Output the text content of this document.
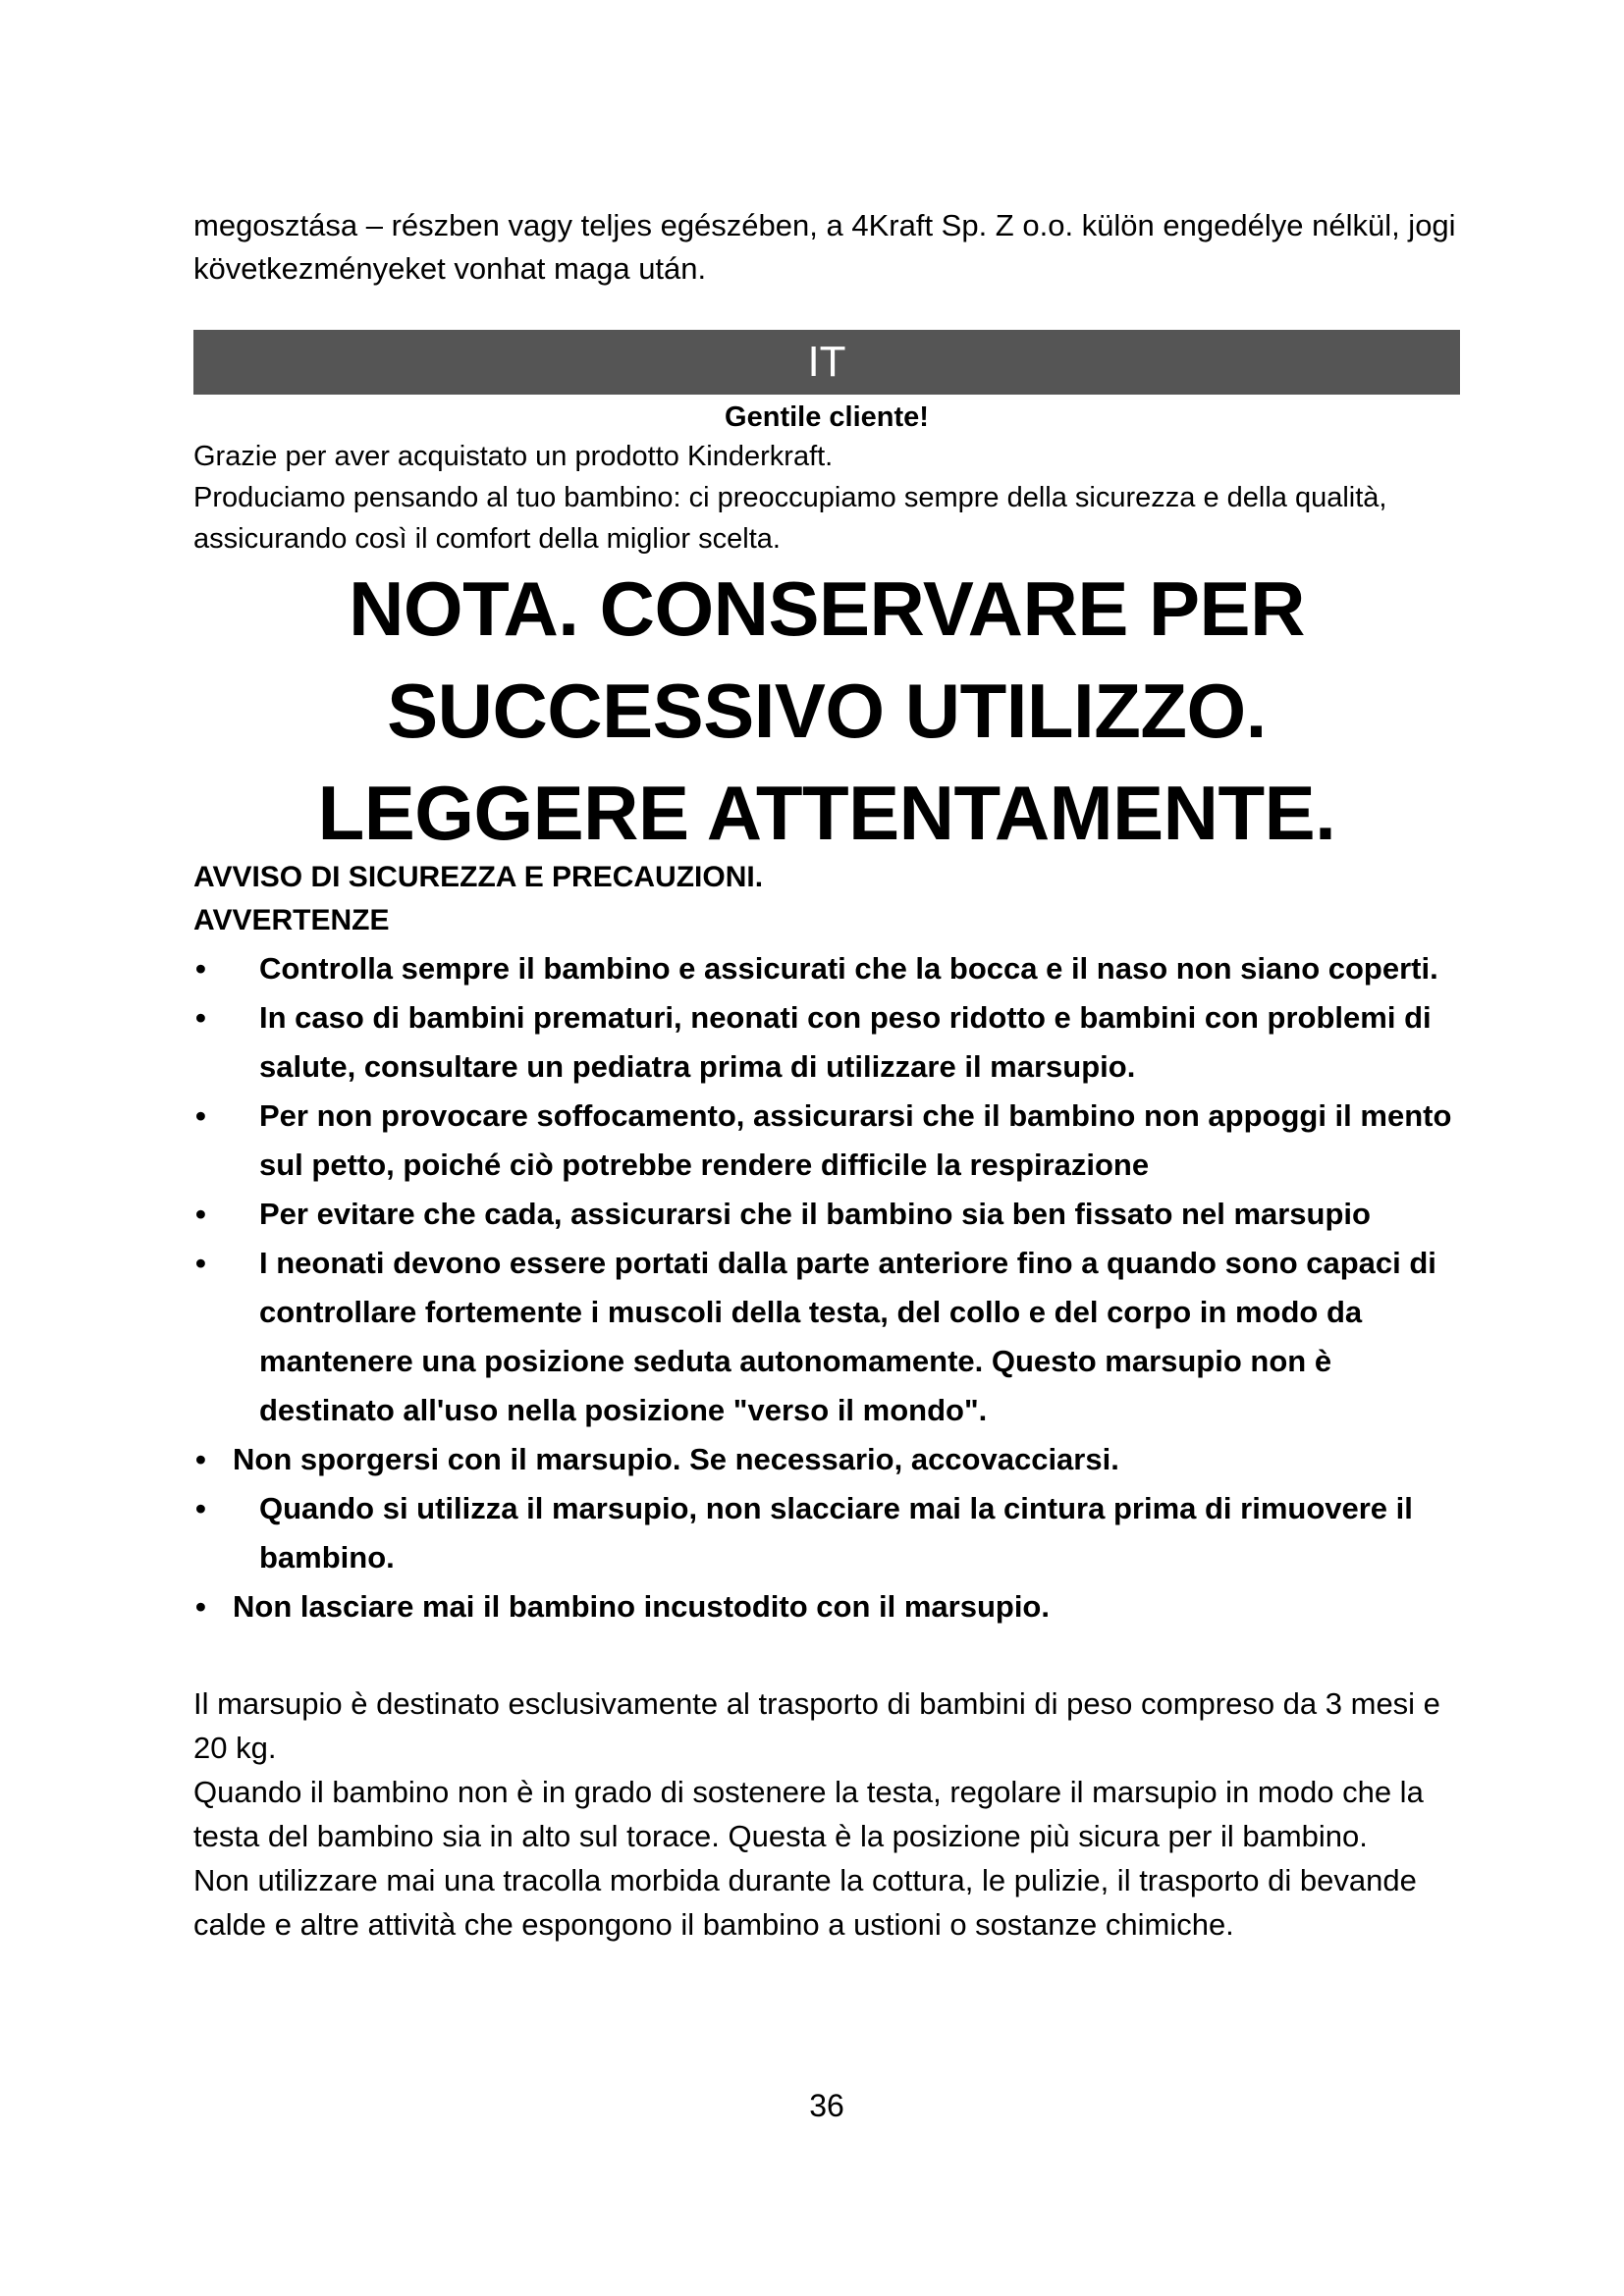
megosztása – részben vagy teljes egészében, a 4Kraft Sp. Z o.o. külön engedélye nélkül, jogi következményeket vonhat maga után.

IT
Gentile cliente!
Grazie per aver acquistato un prodotto Kinderkraft.
Produciamo pensando al tuo bambino: ci preoccupiamo sempre della sicurezza e della qualità, assicurando così il comfort della miglior scelta.
NOTA. CONSERVARE PER SUCCESSIVO UTILIZZO. LEGGERE ATTENTAMENTE.
AVVISO DI SICUREZZA E PRECAUZIONI.
AVVERTENZE
• Controlla sempre il bambino e assicurati che la bocca e il naso non siano coperti.
• In caso di bambini prematuri, neonati con peso ridotto e bambini con problemi di salute, consultare un pediatra prima di utilizzare il marsupio.
• Per non provocare soffocamento, assicurarsi che il bambino non appoggi il mento sul petto, poiché ciò potrebbe rendere difficile la respirazione
• Per evitare che cada, assicurarsi che il bambino sia ben fissato nel marsupio
• I neonati devono essere portati dalla parte anteriore fino a quando sono capaci di controllare fortemente i muscoli della testa, del collo e del corpo in modo da mantenere una posizione seduta autonomamente. Questo marsupio non è destinato all'uso nella posizione "verso il mondo".
• Non sporgersi con il marsupio. Se necessario, accovacciarsi.
• Quando si utilizza il marsupio, non slacciare mai la cintura prima di rimuovere il bambino.
• Non lasciare mai il bambino incustodito con il marsupio.

Il marsupio è destinato esclusivamente al trasporto di bambini di peso compreso da 3 mesi e 20 kg.

Quando il bambino non è in grado di sostenere la testa, regolare il marsupio in modo che la testa del bambino sia in alto sul torace. Questa è la posizione più sicura per il bambino.

Non utilizzare mai una tracolla morbida durante la cottura, le pulizie, il trasporto di bevande calde e altre attività che espongono il bambino a ustioni o sostanze chimiche.

36
